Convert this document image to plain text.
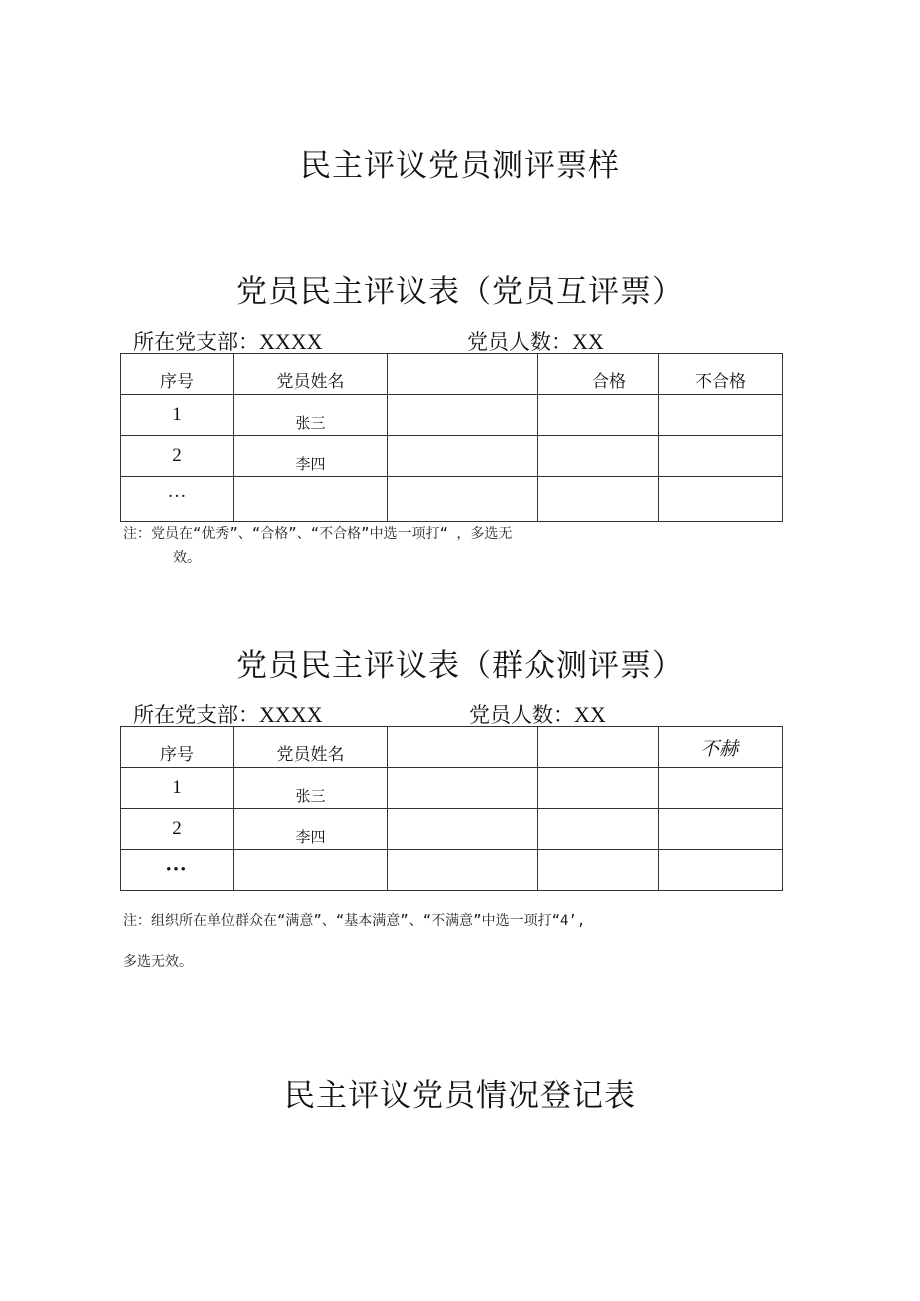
民主评议党员测评票样
党员民主评议表（党员互评票）
所在党支部：XXXX	党员人数：XX
序号	党员姓名		合格	不合格

1	张三			

2	李四			

…	

注：党员在“优秀”、“合格”、“不合格”中选一项打“ ，多选无
效。
党员民主评议表（群众测评票）
所在党支部：XXXX	党员人数：XX
序号	党员姓名			不赫
1	张三			

2	李四			

•••	

注：组织所在单位群众在“满意”、“基本满意”、“不满意”中选一项打“4’,
多选无效。
民主评议党员情况登记表
